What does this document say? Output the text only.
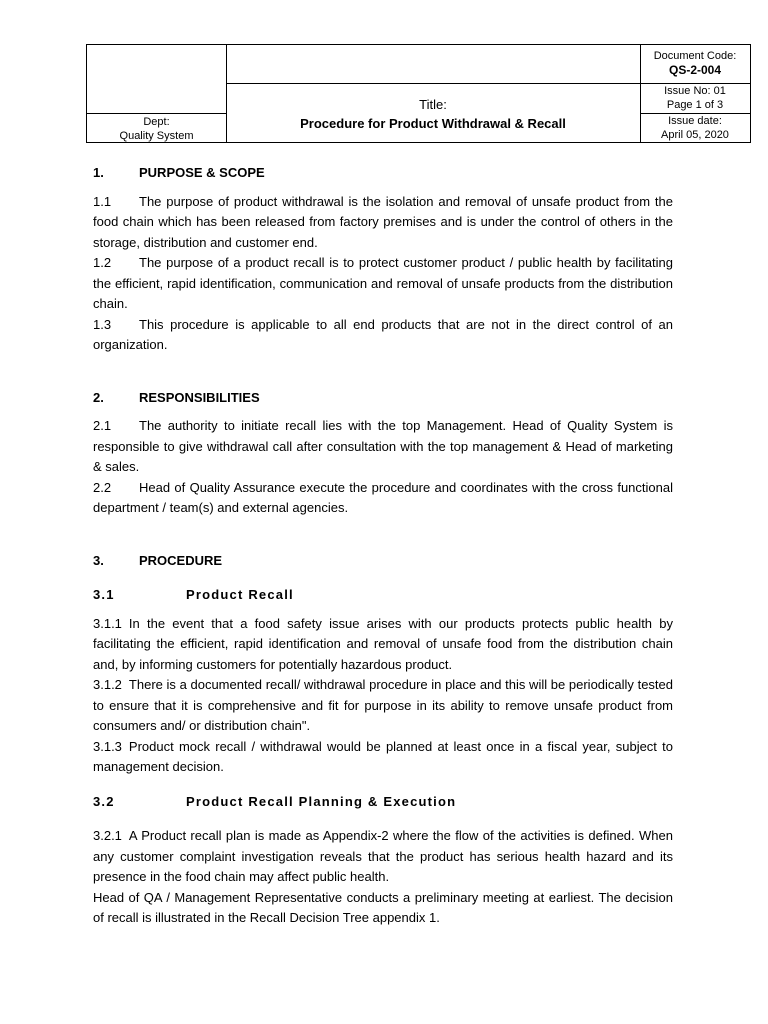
Dept:
Quality System
Title:
Procedure for Product Withdrawal & Recall
Document Code:
QS-2-004
Issue No: 01
Page 1 of 3
Issue date:
April 05, 2020

1.	PURPOSE & SCOPE

1.1 The purpose of product withdrawal is the isolation and removal of unsafe product from the food chain which has been released from factory premises and is under the control of others in the storage, distribution and customer end.

1.2 The purpose of a product recall is to protect customer product / public health by facilitating the efficient, rapid identification, communication and removal of unsafe products from the distribution chain.

1.3 This procedure is applicable to all end products that are not in the direct control of an organization.

2.	RESPONSIBILITIES

2.1 The authority to initiate recall lies with the top Management. Head of Quality System is responsible to give withdrawal call after consultation with the top management & Head of marketing & sales.

2.2 Head of Quality Assurance execute the procedure and coordinates with the cross functional department / team(s) and external agencies.

3.	PROCEDURE

3.1	Product Recall

3.1.1 In the event that a food safety issue arises with our products protects public health by facilitating the efficient, rapid identification and removal of unsafe food from the distribution chain and, by informing customers for potentially hazardous product.

3.1.2 There is a documented recall/ withdrawal procedure in place and this will be periodically tested to ensure that it is comprehensive and fit for purpose in its ability to remove unsafe product from consumers and/ or distribution chain".

3.1.3 Product mock recall / withdrawal would be planned at least once in a fiscal year, subject to management decision.

3.2	Product Recall Planning & Execution

3.2.1 A Product recall plan is made as Appendix-2 where the flow of the activities is defined. When any customer complaint investigation reveals that the product has serious health hazard and its presence in the food chain may affect public health.

Head of QA / Management Representative conducts a preliminary meeting at earliest. The decision of recall is illustrated in the Recall Decision Tree appendix 1.
